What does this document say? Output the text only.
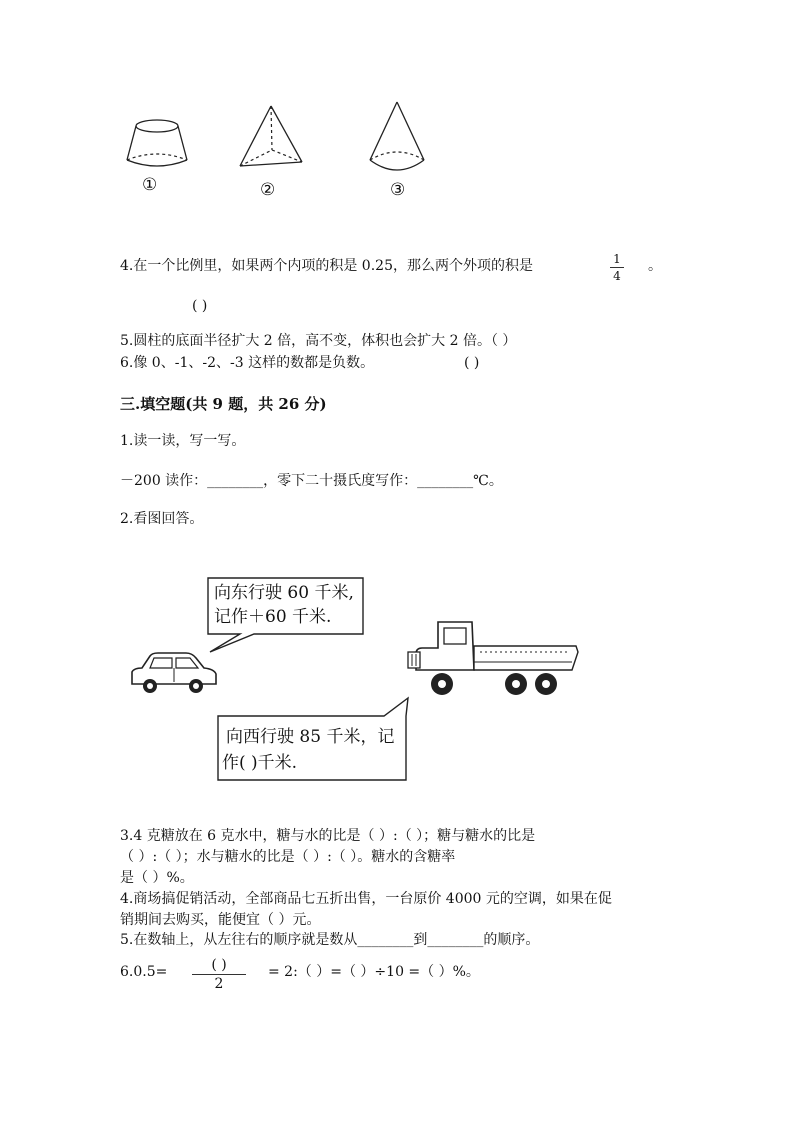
①	②	③
4.在一个比例里，如果两个内项的积是 0.25，那么两个外项的积是	1
4
。
( )
5.圆柱的底面半径扩大 2 倍，高不变，体积也会扩大 2 倍。（ ）
6.像 0、-1、-2、-3 这样的数都是负数。	( )
三.填空题(共 9 题，共 26 分)
1.读一读，写一写。
－200 读作：________，零下二十摄氏度写作：________℃。
2.看图回答。
向东行驶 60 千米,
记作＋60 千米.
向西行驶 85 千米，记
作( )千米.
3.4 克糖放在 6 克水中，糖与水的比是（ ）:（ ）；糖与糖水的比是
（ ）:（ ）；水与糖水的比是（ ）:（ ）。糖水的含糖率
是（ ）%。
4.商场搞促销活动，全部商品七五折出售，一台原价 4000 元的空调，如果在促
销期间去购买，能便宜（ ）元。
5.在数轴上，从左往右的顺序就是数从________到________的顺序。
6.0.5=	( )
2
= 2:（ ）=（ ）÷10 =（ ）%。
